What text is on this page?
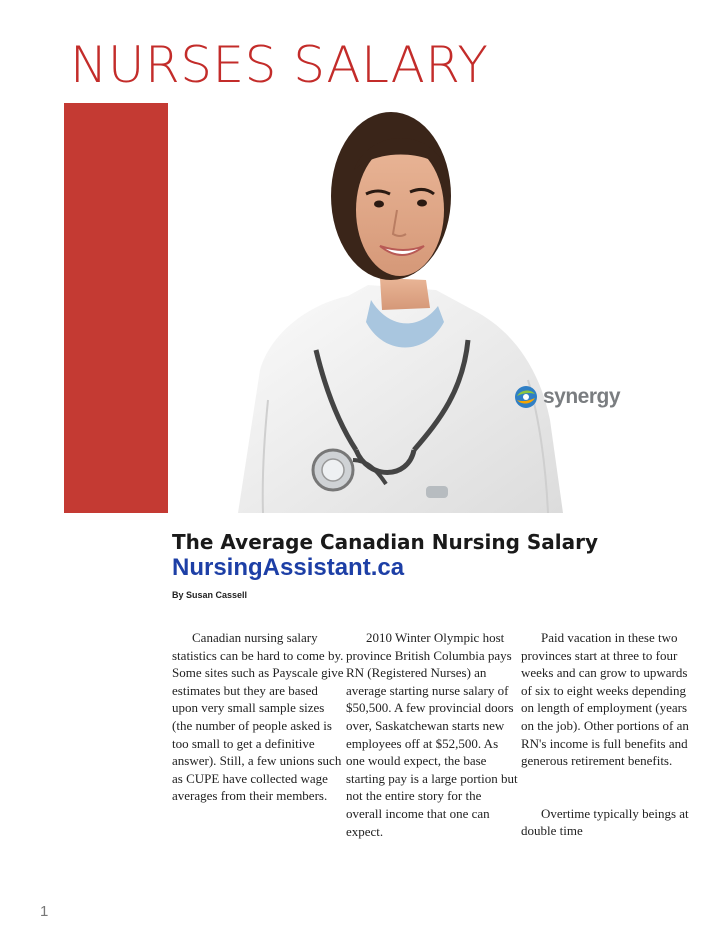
NURSES SALARY
synergy
The Average Canadian Nursing Salary
NursingAssistant.ca
By Susan Cassell

Canadian nursing salary statistics can be hard to come by. Some sites such as Payscale give estimates but they are based upon very small sample sizes (the number of people asked is too small to get a definitive answer). Still, a few unions such as CUPE have collected wage averages from their members.

2010 Winter Olympic host province British Columbia pays RN (Registered Nurses) an average starting nurse salary of $50,500. A few provincial doors over, Saskatchewan starts new employees off at $52,500. As one would expect, the base starting pay is a large portion but not the entire story for the overall income that one can expect.

Paid vacation in these two provinces start at three to four weeks and can grow to upwards of six to eight weeks depending on length of employment (years on the job). Other portions of an RN's income is full benefits and generous retirement benefits.

Overtime typically beings at double time

1
